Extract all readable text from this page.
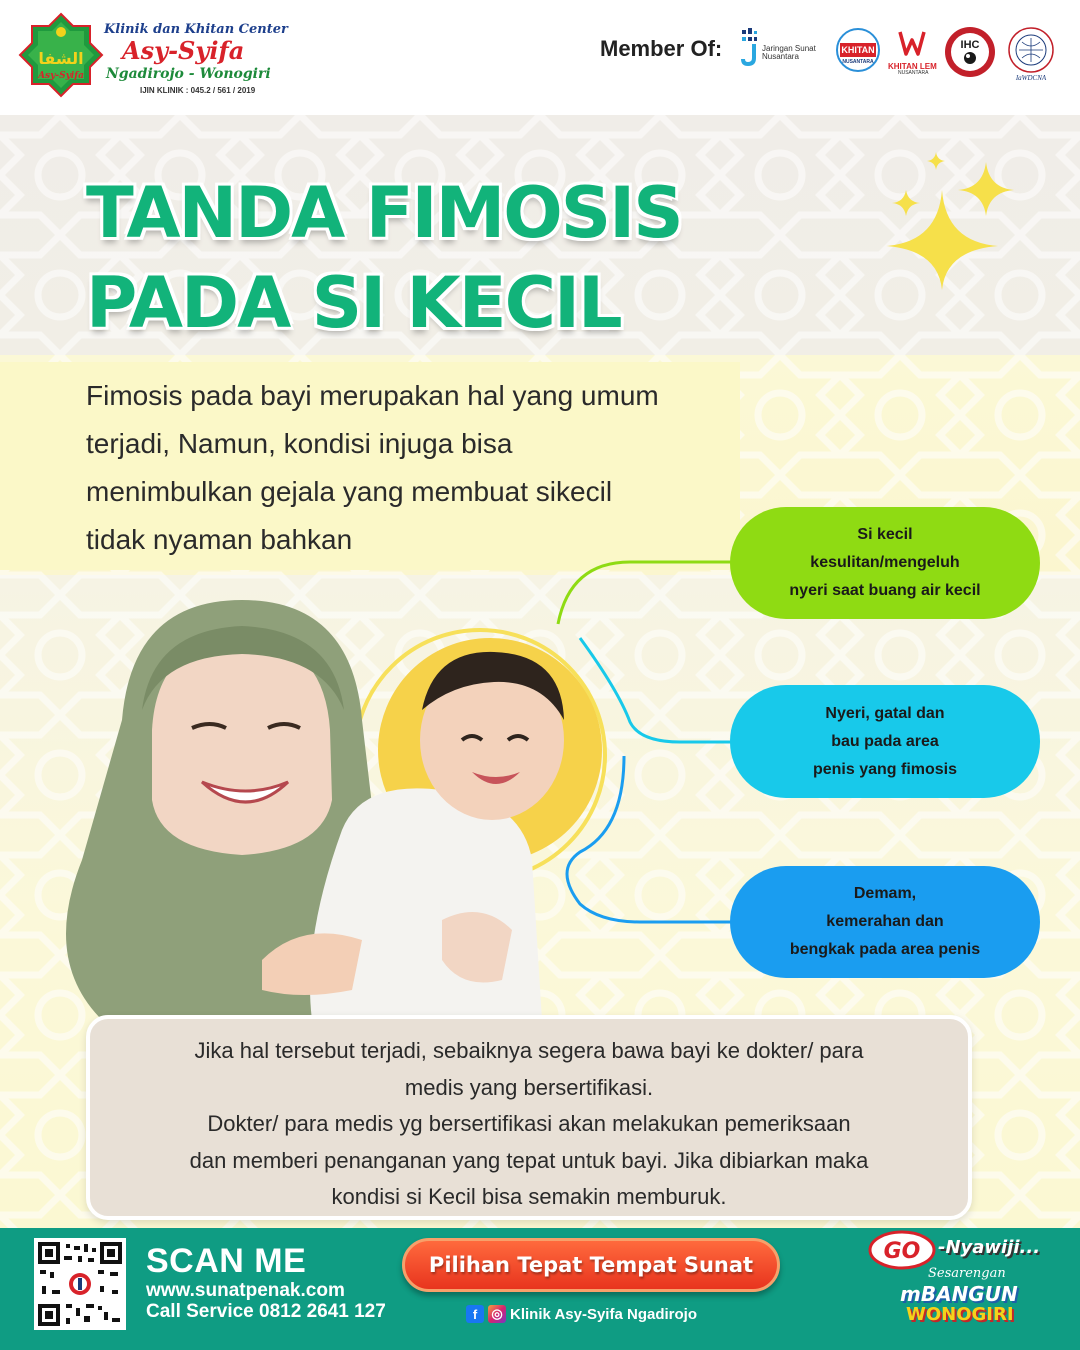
الشفا
Asy-Syifa
Klinik dan Khitan Center
Asy-Syifa
Ngadirojo - Wonogiri
IJIN KLINIK : 045.2 / 561 / 2019
Member Of:	Jaringan Sunat
Nusantara
KHITAN
NUSANTARA KHITAN LEM
NUSANTARA
IHC
IaWDCNA
TANDA FIMOSIS
PADA SI KECIL
Fimosis pada bayi merupakan hal yang umum
terjadi, Namun, kondisi injuga bisa
menimbulkan gejala yang membuat sikecil
tidak nyaman bahkan	Si kecil
kesulitan/mengeluh
nyeri saat buang air kecil
Nyeri, gatal dan
bau pada area
penis yang fimosis
Demam,
kemerahan dan
bengkak pada area penis

Jika hal tersebut terjadi, sebaiknya segera bawa bayi ke dokter/ para

medis yang bersertifikasi.

Dokter/ para medis yg bersertifikasi akan melakukan pemeriksaan

dan memberi penanganan yang tepat untuk bayi. Jika dibiarkan maka

kondisi si Kecil bisa semakin memburuk.

SCAN ME
www.sunatpenak.com
Call Service 0812 2641 127
Pilihan Tepat Tempat Sunat
f	◎ Klinik Asy-Syifa Ngadirojo
GO -Nyawiji...
Sesarengan
mBANGUN
WONOGIRI
